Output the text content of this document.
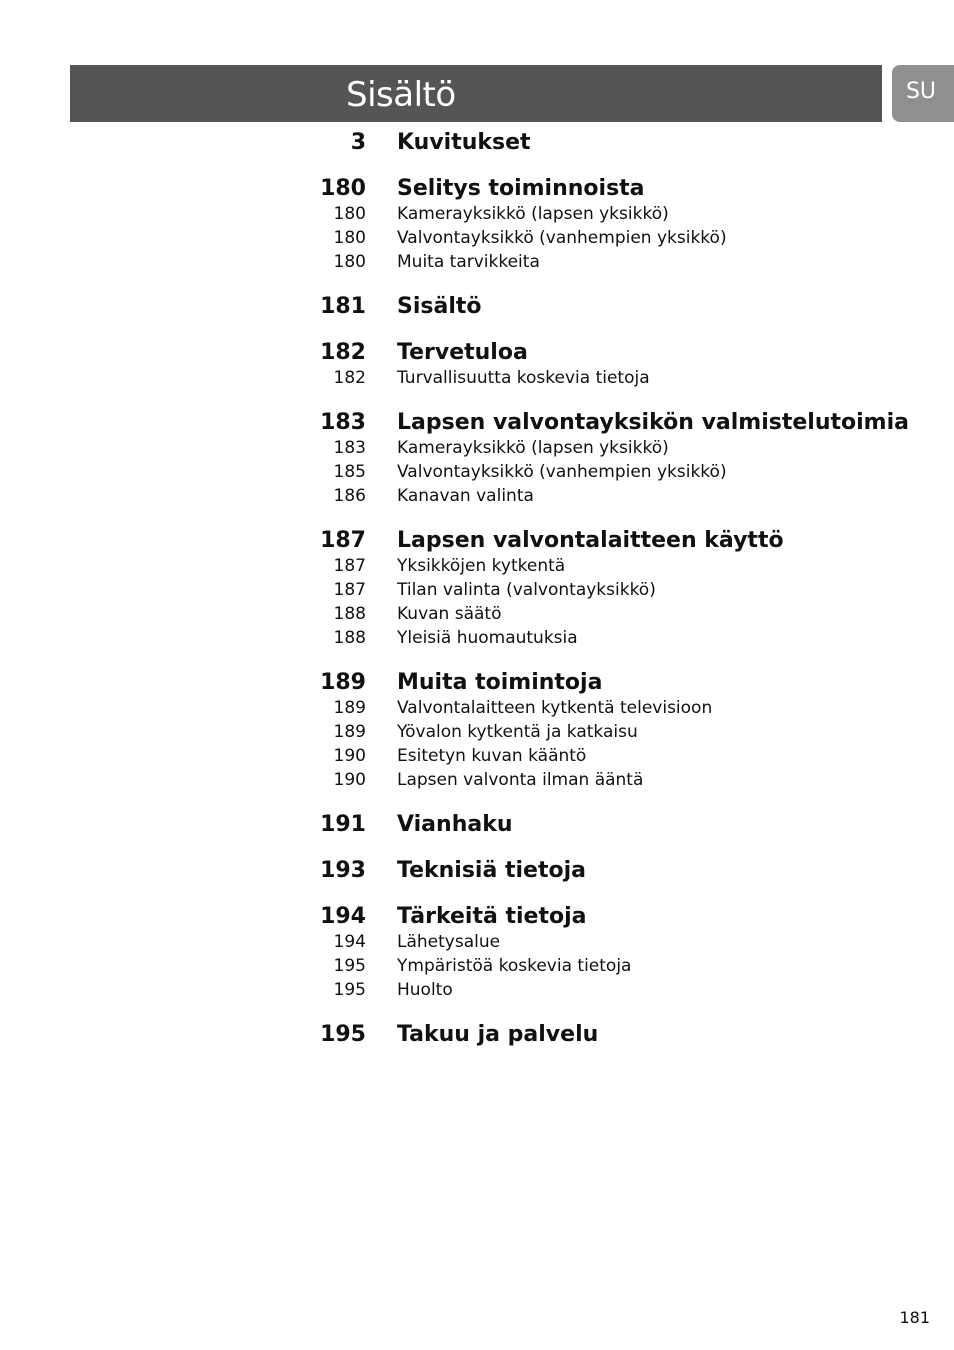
Sisältö	SU
3 Kuvitukset
180 Selitys toiminnoista
180 Kamerayksikkö (lapsen yksikkö)
180 Valvontayksikkö (vanhempien yksikkö)
180 Muita tarvikkeita
181 Sisältö
182 Tervetuloa
182 Turvallisuutta koskevia tietoja
183 Lapsen valvontayksikön valmistelutoimia
183 Kamerayksikkö (lapsen yksikkö)
185 Valvontayksikkö (vanhempien yksikkö)
186 Kanavan valinta
187 Lapsen valvontalaitteen käyttö
187 Yksikköjen kytkentä
187 Tilan valinta (valvontayksikkö)
188 Kuvan säätö
188 Yleisiä huomautuksia
189 Muita toimintoja
189 Valvontalaitteen kytkentä televisioon
189 Yövalon kytkentä ja katkaisu
190 Esitetyn kuvan kääntö
190 Lapsen valvonta ilman ääntä
191 Vianhaku
193 Teknisiä tietoja
194 Tärkeitä tietoja
194 Lähetysalue
195 Ympäristöä koskevia tietoja
195 Huolto
195 Takuu ja palvelu
181
